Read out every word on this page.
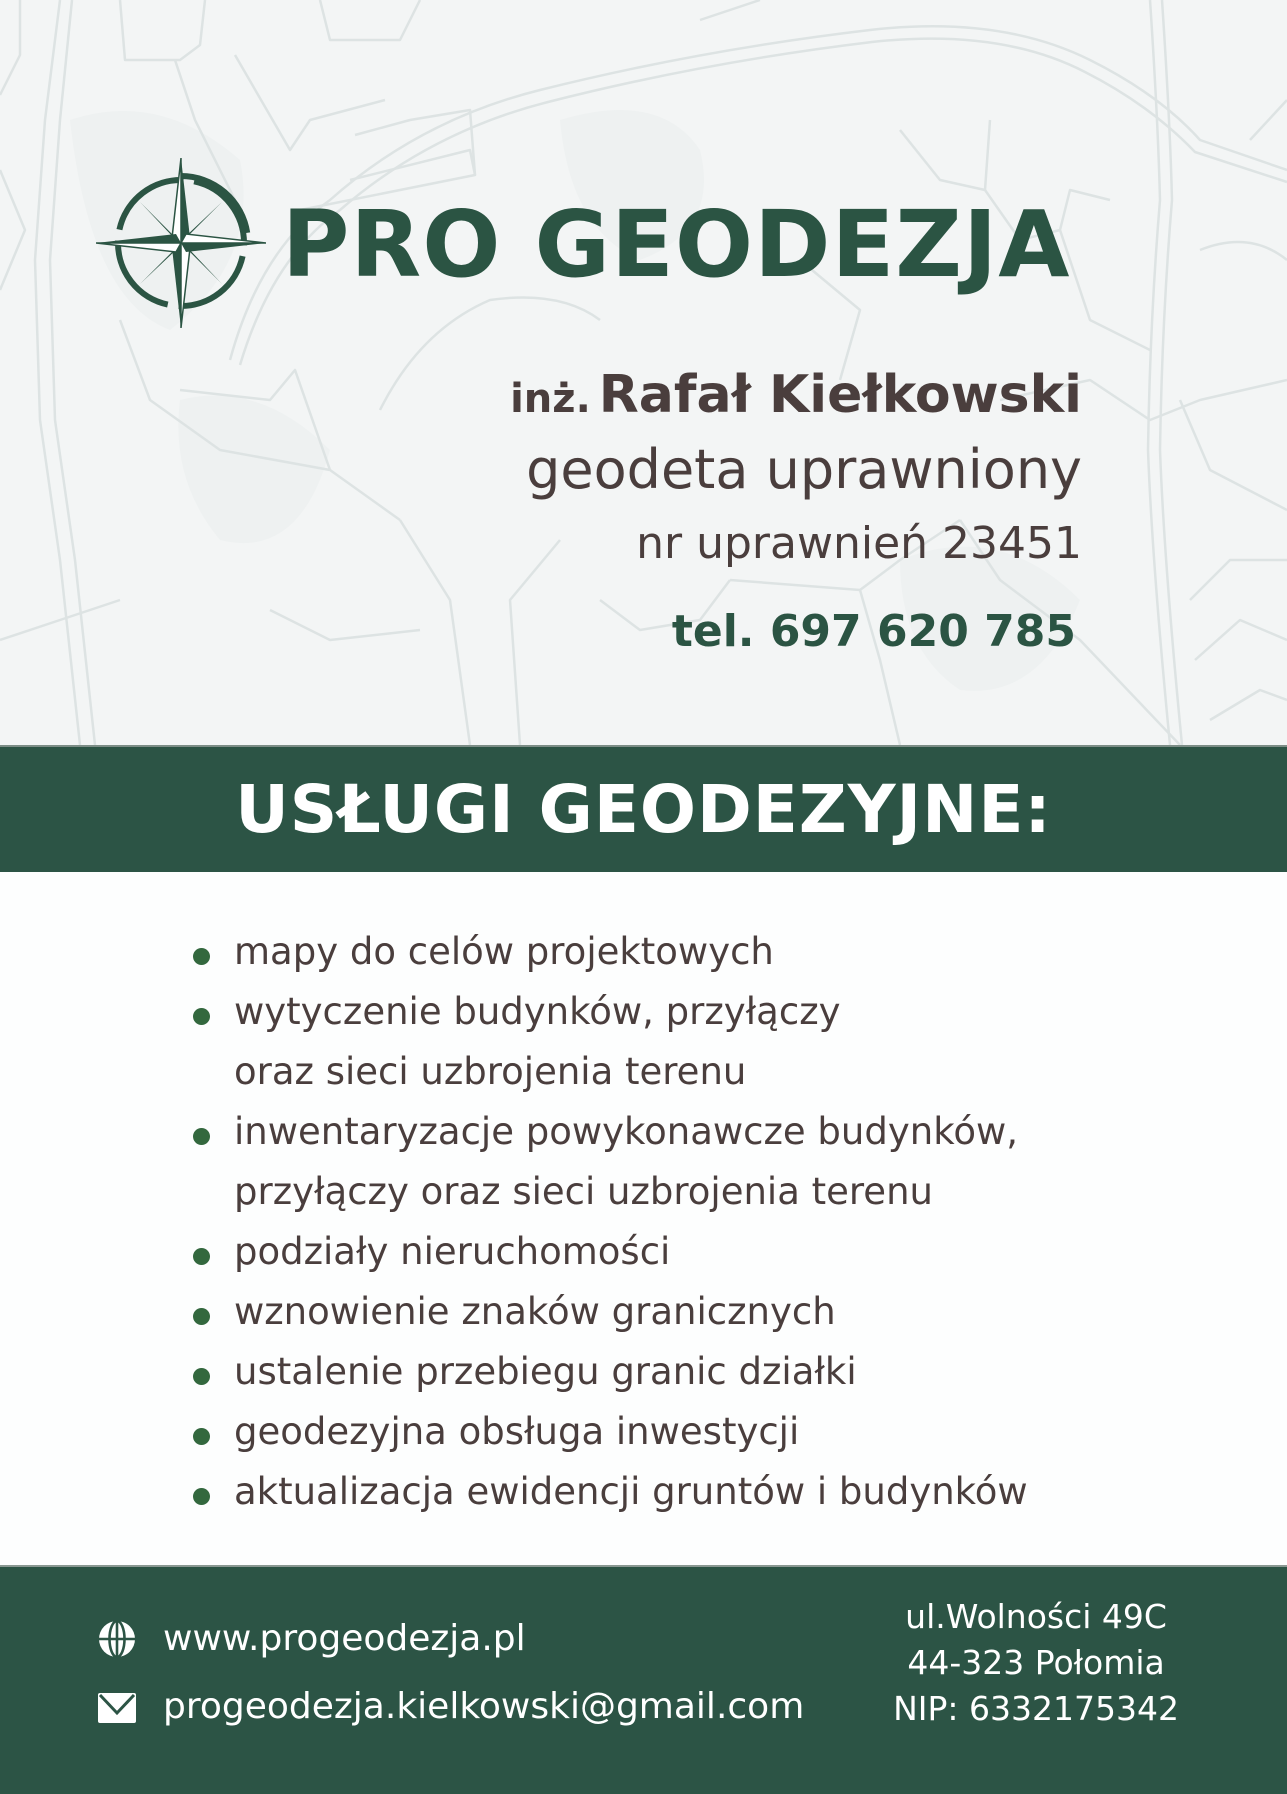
PRO GEODEZJA
inż. Rafał Kiełkowski
geodeta uprawniony
nr uprawnień 23451
tel. 697 620 785
USŁUGI GEODEZYJNE:
mapy do celów projektowych
wytyczenie budynków, przyłączy
oraz sieci uzbrojenia terenu
inwentaryzacje powykonawcze budynków,
przyłączy oraz sieci uzbrojenia terenu
podziały nieruchomości
wznowienie znaków granicznych
ustalenie przebiegu granic działki
geodezyjna obsługa inwestycji
aktualizacja ewidencji gruntów i budynków
www.progeodezja.pl
progeodezja.kielkowski@gmail.com
ul.Wolności 49C
44-323 Połomia
NIP: 6332175342
